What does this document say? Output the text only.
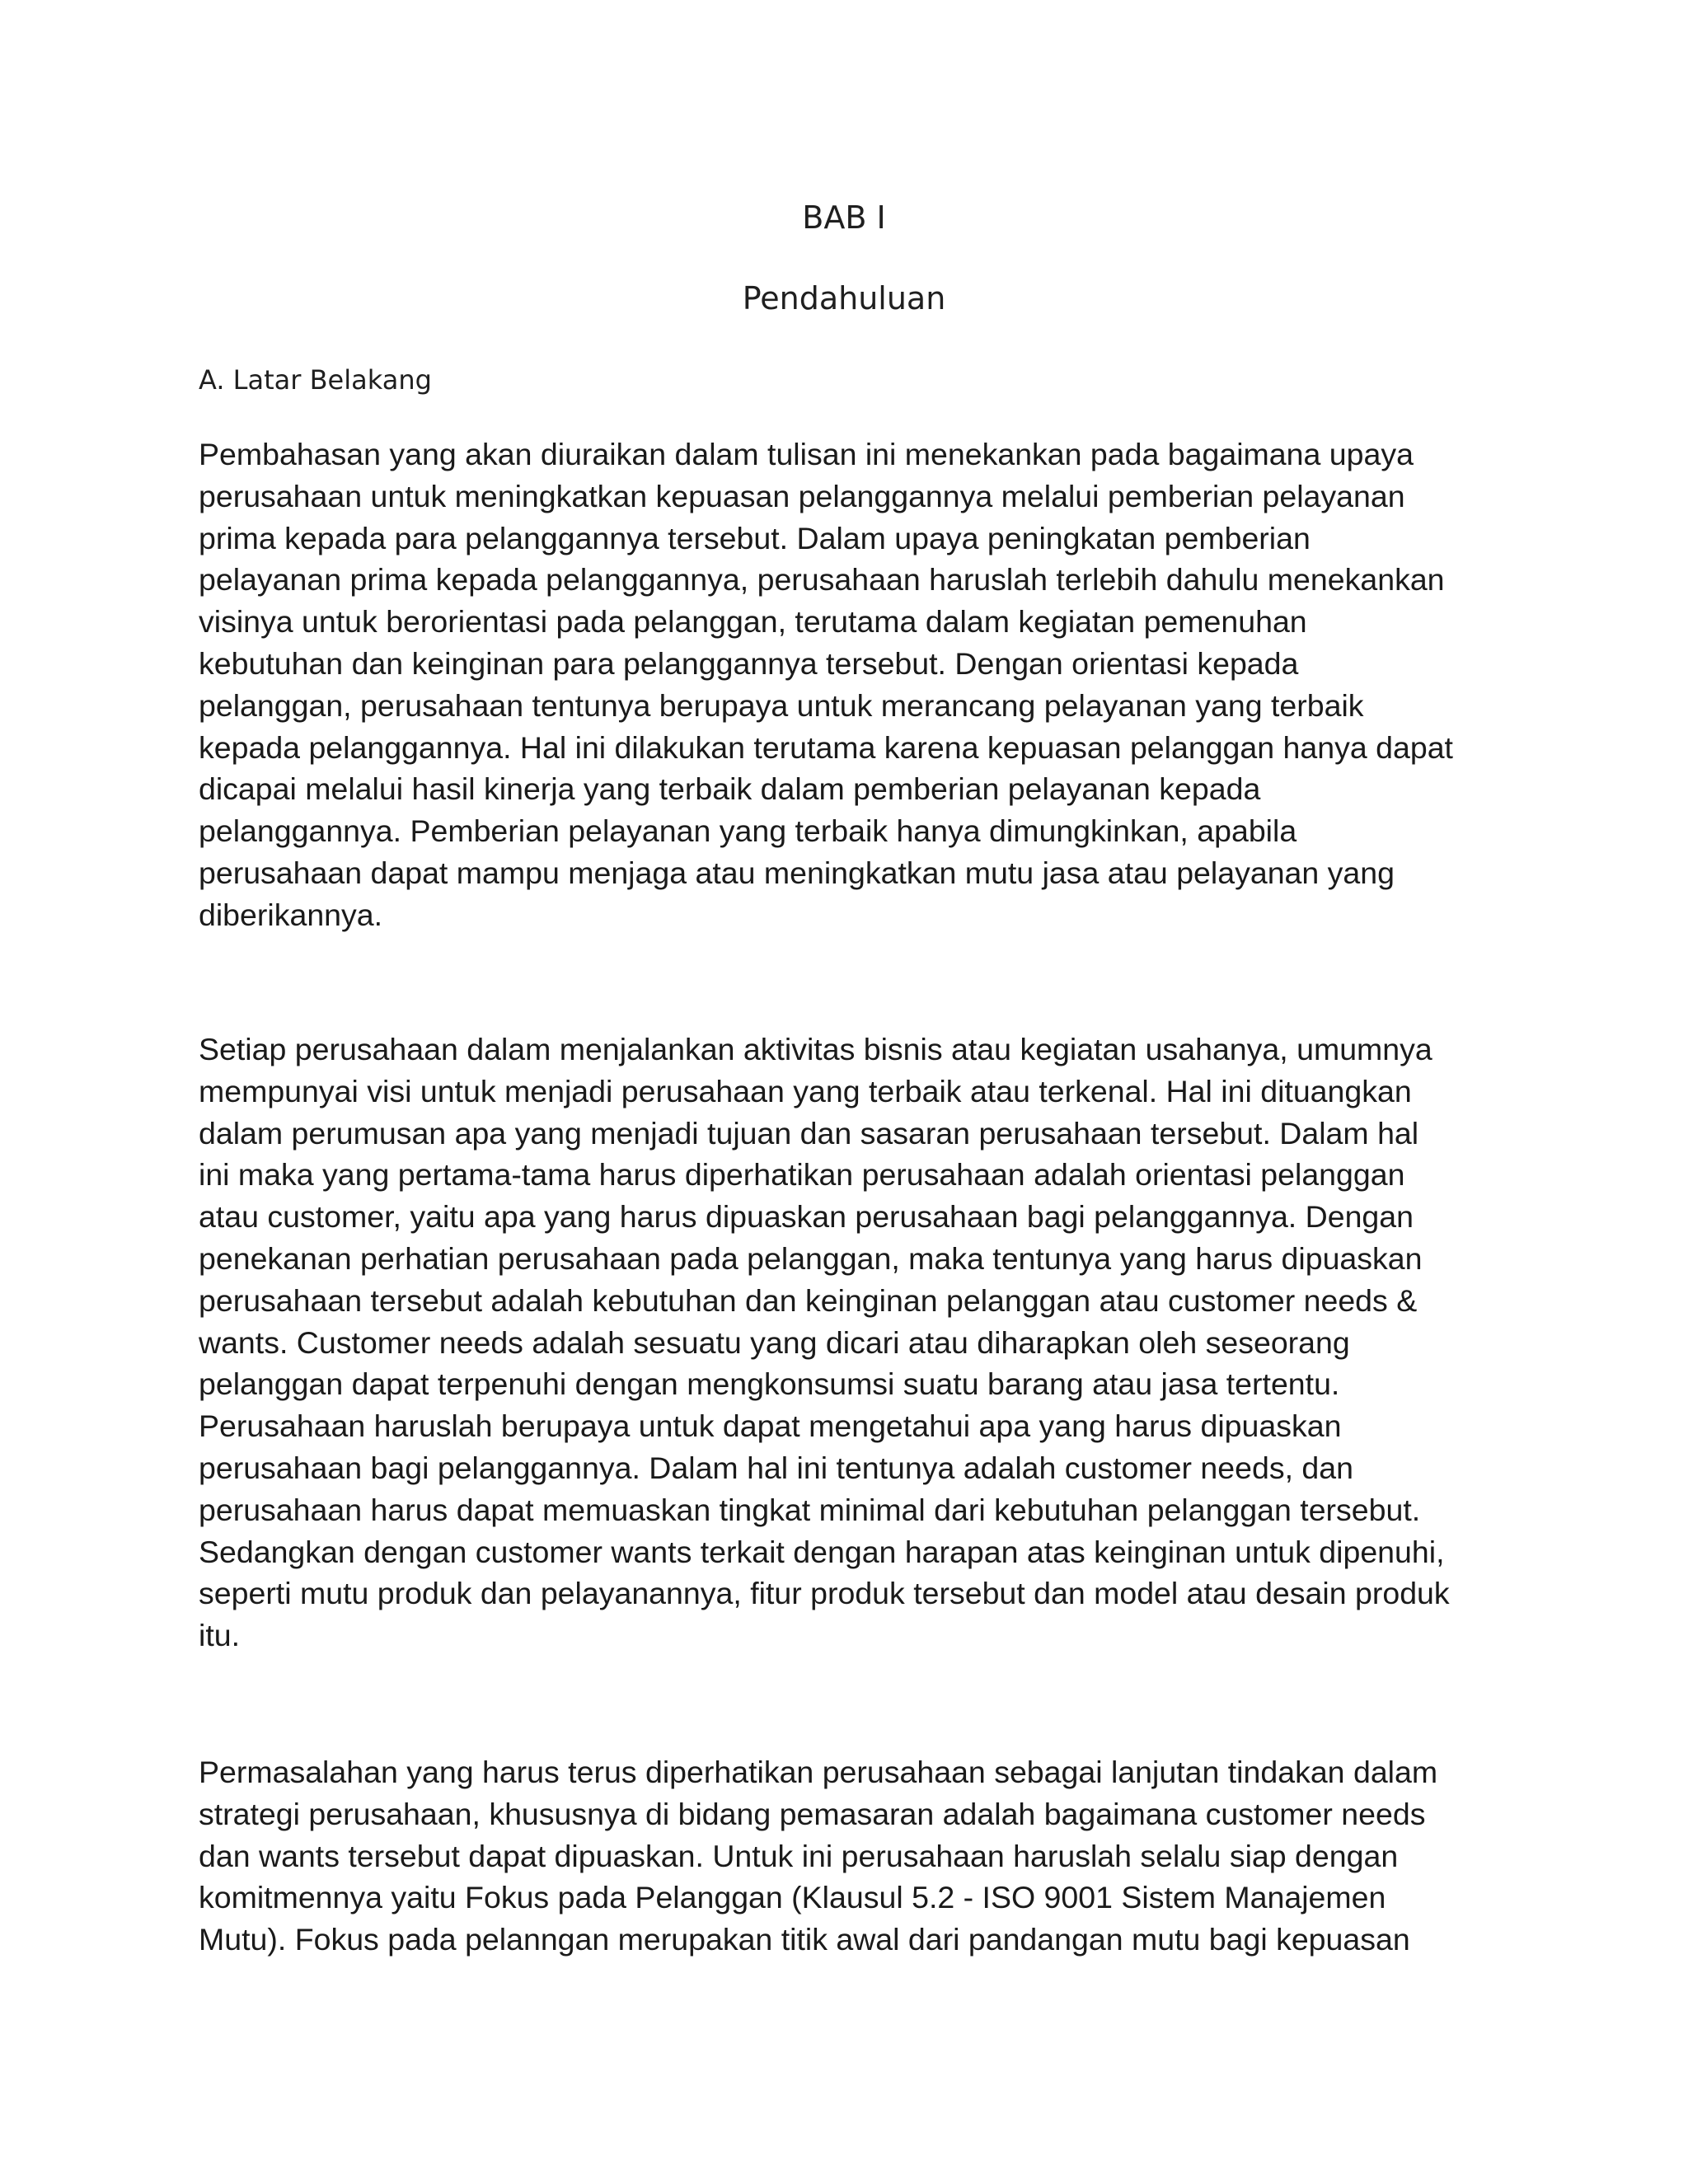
BAB I
Pendahuluan
A. Latar Belakang

Pembahasan yang akan diuraikan dalam tulisan ini menekankan pada bagaimana upaya
perusahaan untuk meningkatkan kepuasan pelanggannya melalui pemberian pelayanan
prima kepada para pelanggannya tersebut. Dalam upaya peningkatan pemberian
pelayanan prima kepada pelanggannya, perusahaan haruslah terlebih dahulu menekankan
visinya untuk berorientasi pada pelanggan, terutama dalam kegiatan pemenuhan
kebutuhan dan keinginan para pelanggannya tersebut. Dengan orientasi kepada
pelanggan, perusahaan tentunya berupaya untuk merancang pelayanan yang terbaik
kepada pelanggannya. Hal ini dilakukan terutama karena kepuasan pelanggan hanya dapat
dicapai melalui hasil kinerja yang terbaik dalam pemberian pelayanan kepada
pelanggannya. Pemberian pelayanan yang terbaik hanya dimungkinkan, apabila
perusahaan dapat mampu menjaga atau meningkatkan mutu jasa atau pelayanan yang
diberikannya.

Setiap perusahaan dalam menjalankan aktivitas bisnis atau kegiatan usahanya, umumnya
mempunyai visi untuk menjadi perusahaan yang terbaik atau terkenal. Hal ini dituangkan
dalam perumusan apa yang menjadi tujuan dan sasaran perusahaan tersebut. Dalam hal
ini maka yang pertama-tama harus diperhatikan perusahaan adalah orientasi pelanggan
atau customer, yaitu apa yang harus dipuaskan perusahaan bagi pelanggannya. Dengan
penekanan perhatian perusahaan pada pelanggan, maka tentunya yang harus dipuaskan
perusahaan tersebut adalah kebutuhan dan keinginan pelanggan atau customer needs &
wants. Customer needs adalah sesuatu yang dicari atau diharapkan oleh seseorang
pelanggan dapat terpenuhi dengan mengkonsumsi suatu barang atau jasa tertentu.
Perusahaan haruslah berupaya untuk dapat mengetahui apa yang harus dipuaskan
perusahaan bagi pelanggannya. Dalam hal ini tentunya adalah customer needs, dan
perusahaan harus dapat memuaskan tingkat minimal dari kebutuhan pelanggan tersebut.
Sedangkan dengan customer wants terkait dengan harapan atas keinginan untuk dipenuhi,
seperti mutu produk dan pelayanannya, fitur produk tersebut dan model atau desain produk
itu.

Permasalahan yang harus terus diperhatikan perusahaan sebagai lanjutan tindakan dalam
strategi perusahaan, khususnya di bidang pemasaran adalah bagaimana customer needs
dan wants tersebut dapat dipuaskan. Untuk ini perusahaan haruslah selalu siap dengan
komitmennya yaitu Fokus pada Pelanggan (Klausul 5.2 - ISO 9001 Sistem Manajemen
Mutu). Fokus pada pelanngan merupakan titik awal dari pandangan mutu bagi kepuasan
